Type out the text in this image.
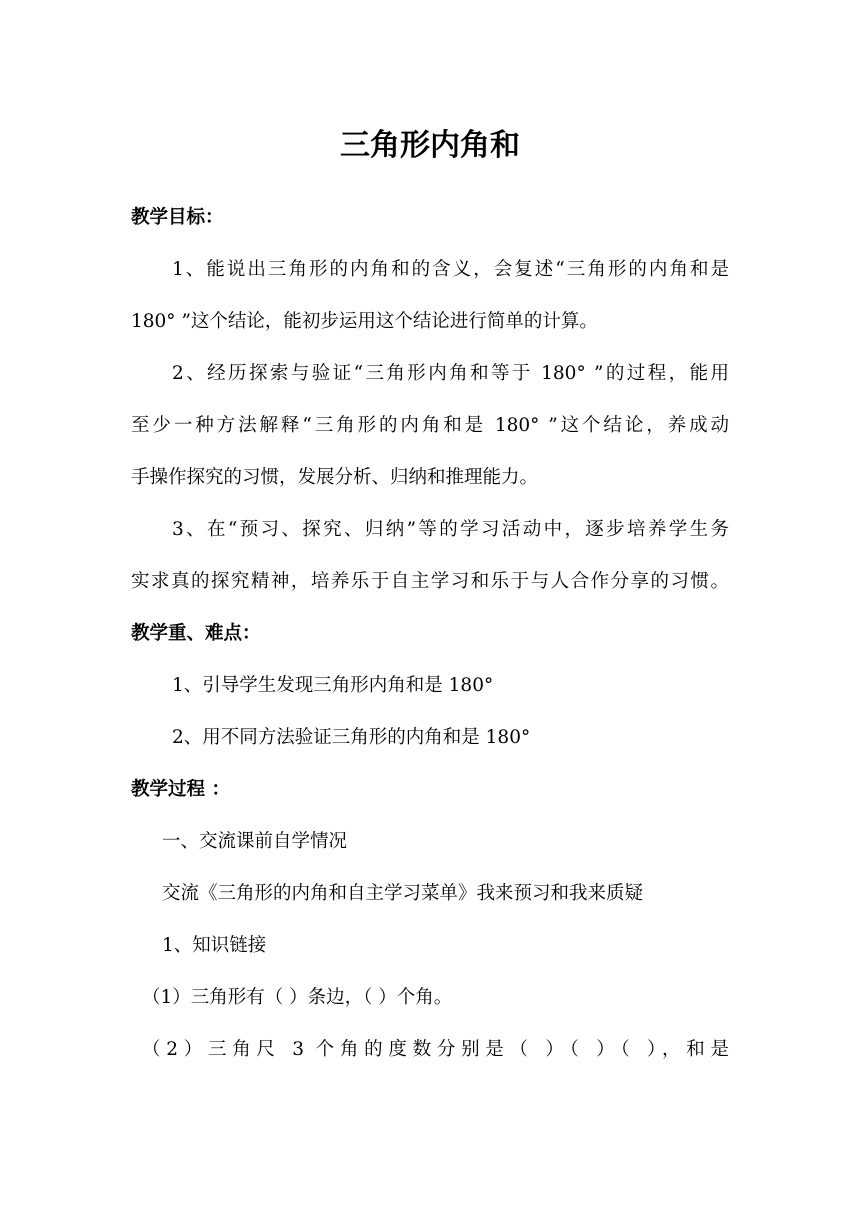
三角形内角和
教学目标：
1、能说出三角形的内角和的含义，会复述“三角形的内角和是
180° ”这个结论，能初步运用这个结论进行简单的计算。
2、经历探索与验证“三角形内角和等于 180° ”的过程，能用
至少一种方法解释“三角形的内角和是 180° ”这个结论，养成动
手操作探究的习惯，发展分析、归纳和推理能力。
3、在“预习、探究、归纳”等的学习活动中，逐步培养学生务
实求真的探究精神，培养乐于自主学习和乐于与人合作分享的习惯。
教学重、难点：
1、引导学生发现三角形内角和是 180°
2、用不同方法验证三角形的内角和是 180°
教学过程 ：
一、交流课前自学情况
交流《三角形的内角和自主学习菜单》我来预习和我来质疑
1、知识链接
（1）三角形有（ ）条边，（ ）个角。
（2）三角尺 3 个角的度数分别是（ ）（ ）（ ），和是
